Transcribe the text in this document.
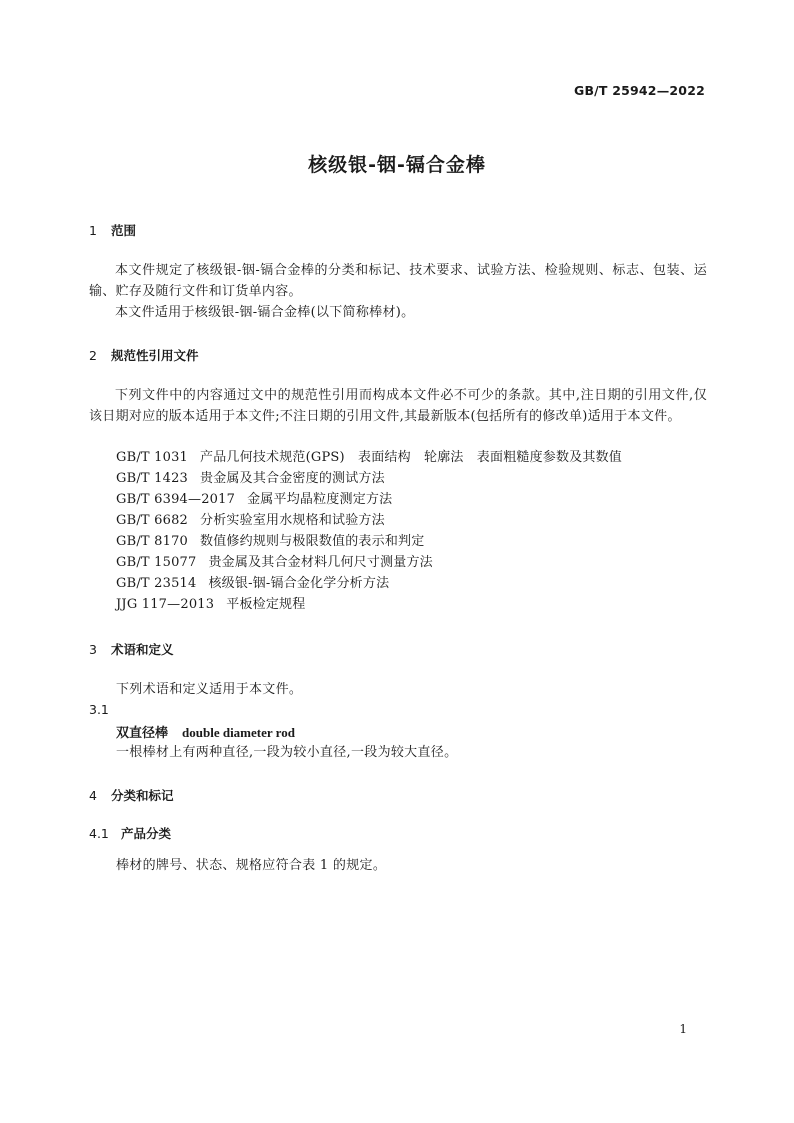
GB/T 25942—2022
核级银-铟-镉合金棒
1 范围
本文件规定了核级银-铟-镉合金棒的分类和标记、技术要求、试验方法、检验规则、标志、包装、运输、贮存及随行文件和订货单内容。
本文件适用于核级银-铟-镉合金棒(以下简称棒材)。
2 规范性引用文件
下列文件中的内容通过文中的规范性引用而构成本文件必不可少的条款。其中,注日期的引用文件,仅该日期对应的版本适用于本文件;不注日期的引用文件,其最新版本(包括所有的修改单)适用于本文件。
GB/T 1031 产品几何技术规范(GPS)　表面结构　轮廓法　表面粗糙度参数及其数值
GB/T 1423 贵金属及其合金密度的测试方法
GB/T 6394—2017 金属平均晶粒度测定方法
GB/T 6682 分析实验室用水规格和试验方法
GB/T 8170 数值修约规则与极限数值的表示和判定
GB/T 15077 贵金属及其合金材料几何尺寸测量方法
GB/T 23514 核级银-铟-镉合金化学分析方法
JJG 117—2013 平板检定规程
3 术语和定义
下列术语和定义适用于本文件。
3.1
双直径棒 double diameter rod
一根棒材上有两种直径,一段为较小直径,一段为较大直径。
4 分类和标记
4.1 产品分类
棒材的牌号、状态、规格应符合表 1 的规定。
1
